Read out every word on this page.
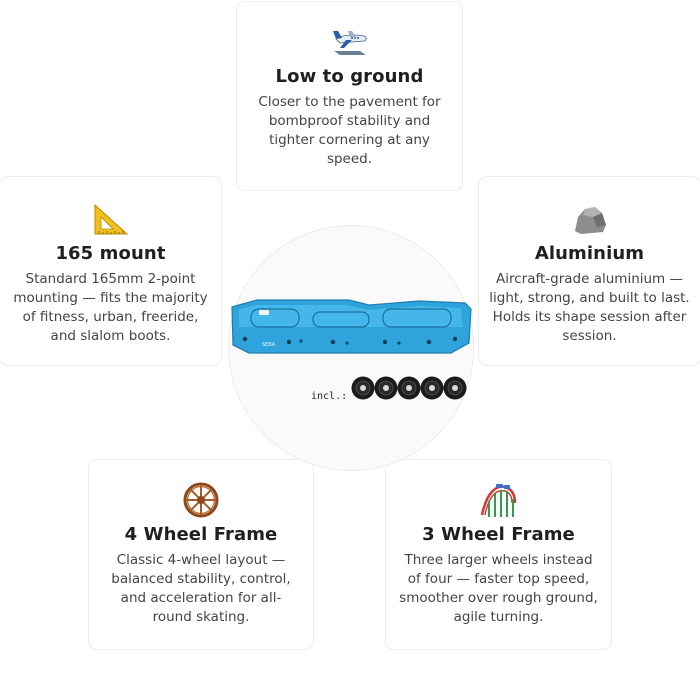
Low to ground

Closer to the pavement for bombproof stability and tighter cornering at any speed.

165 mount

Standard 165mm 2-point mounting — fits the majority of fitness, urban, freeride, and slalom boots.

Aluminium

Aircraft-grade aluminium — light, strong, and built to last. Holds its shape session after session.

4 Wheel Frame

Classic 4-wheel layout — balanced stability, control, and acceleration for all-round skating.

3 Wheel Frame

Three larger wheels instead of four — faster top speed, smoother over rough ground, agile turning.

SEBA
incl.:
